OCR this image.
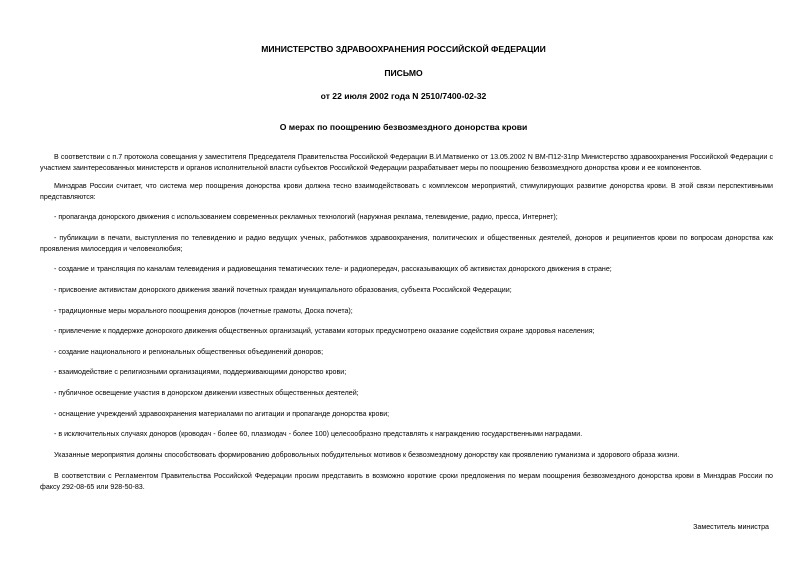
МИНИСТЕРСТВО ЗДРАВООХРАНЕНИЯ РОССИЙСКОЙ ФЕДЕРАЦИИ

ПИСЬМО

от 22 июля 2002 года N 2510/7400-02-32

О мерах по поощрению безвозмездного донорства крови

В соответствии с п.7 протокола совещания у заместителя Председателя Правительства Российской Федерации В.И.Матвиенко от 13.05.2002 N ВМ-П12-31пр Министерство здравоохранения Российской Федерации с участием заинтересованных министерств и органов исполнительной власти субъектов Российской Федерации разрабатывает меры по поощрению безвозмездного донорства крови и ее компонентов.

Минздрав России считает, что система мер поощрения донорства крови должна тесно взаимодействовать с комплексом мероприятий, стимулирующих развитие донорства крови. В этой связи перспективными представляются:

- пропаганда донорского движения с использованием современных рекламных технологий (наружная реклама, телевидение, радио, пресса, Интернет);

- публикации в печати, выступления по телевидению и радио ведущих ученых, работников здравоохранения, политических и общественных деятелей, доноров и реципиентов крови по вопросам донорства как проявления милосердия и человеколюбия;

- создание и трансляция по каналам телевидения и радиовещания тематических теле- и радиопередач, рассказывающих об активистах донорского движения в стране;

- присвоение активистам донорского движения званий почетных граждан муниципального образования, субъекта Российской Федерации;

- традиционные меры морального поощрения доноров (почетные грамоты, Доска почета);

- привлечение к поддержке донорского движения общественных организаций, уставами которых предусмотрено оказание содействия охране здоровья населения;

- создание национального и региональных общественных объединений доноров;

- взаимодействие с религиозными организациями, поддерживающими донорство крови;

- публичное освещение участия в донорском движении известных общественных деятелей;

- оснащение учреждений здравоохранения материалами по агитации и пропаганде донорства крови;

- в исключительных случаях доноров (кроводач - более 60, плазмодач - более 100) целесообразно представлять к награждению государственными наградами.

Указанные мероприятия должны способствовать формированию добровольных побудительных мотивов к безвозмездному донорству как проявлению гуманизма и здорового образа жизни.

В соответствии с Регламентом Правительства Российской Федерации просим представить в возможно короткие сроки предложения по мерам поощрения безвозмездного донорства крови в Минздрав России по факсу 292-08-65 или 928-50-83.

Заместитель министра
